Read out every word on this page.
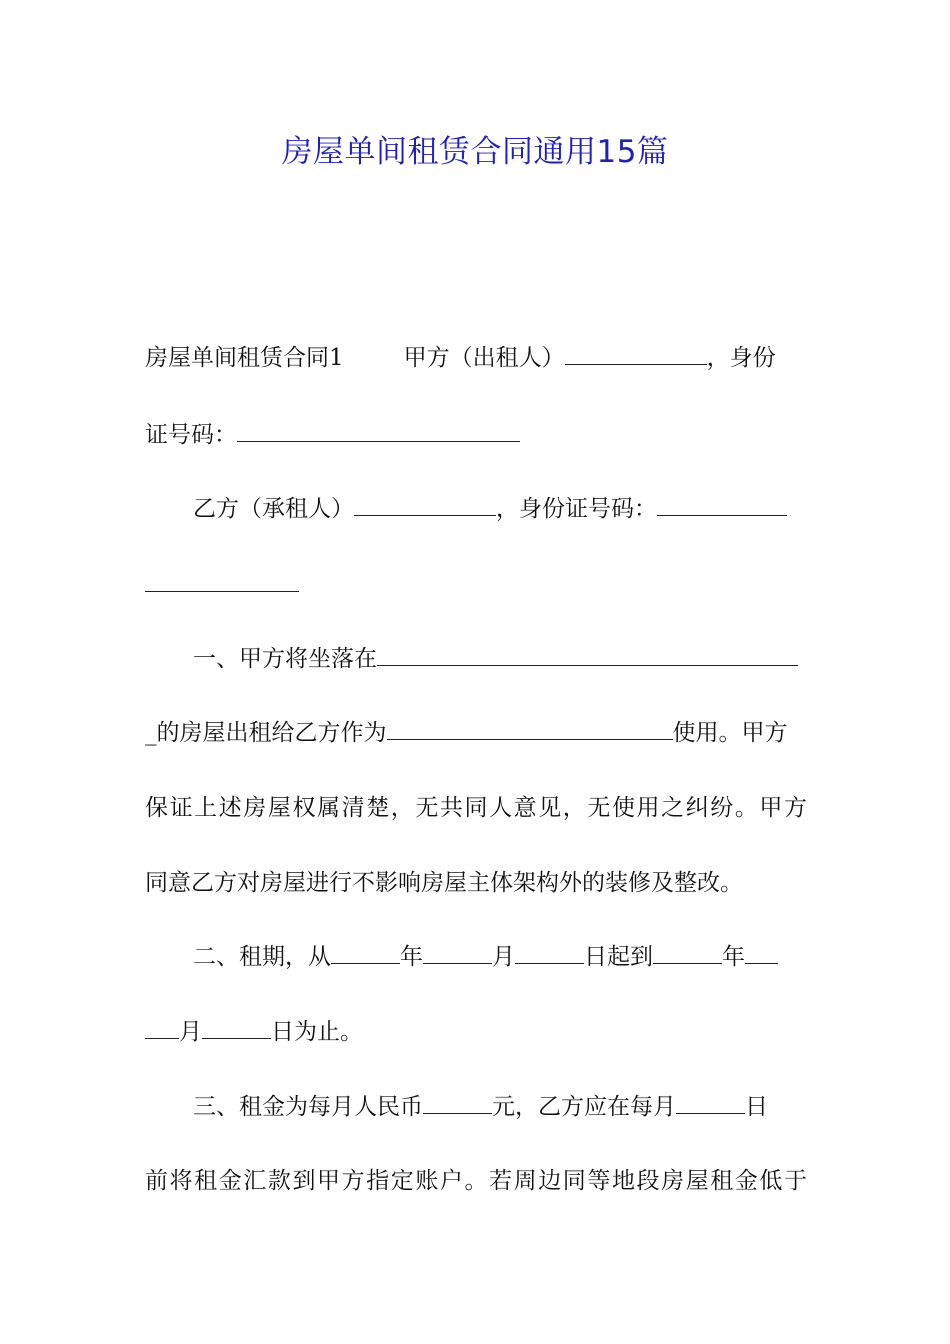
房屋单间租赁合同通用15篇
房屋单间租赁合同1	甲方（出租人）	，身份
证号码：
乙方（承租人）	，身份证号码：
一、甲方将坐落在
_的房屋出租给乙方作为	使用。甲方
保证上述房屋权属清楚，无共同人意见，无使用之纠纷。甲方
同意乙方对房屋进行不影响房屋主体架构外的装修及整改。
二、租期，从	年	月	日起到	年
月	日为止。
三、租金为每月人民币	元，乙方应在每月	日
前将租金汇款到甲方指定账户。若周边同等地段房屋租金低于
